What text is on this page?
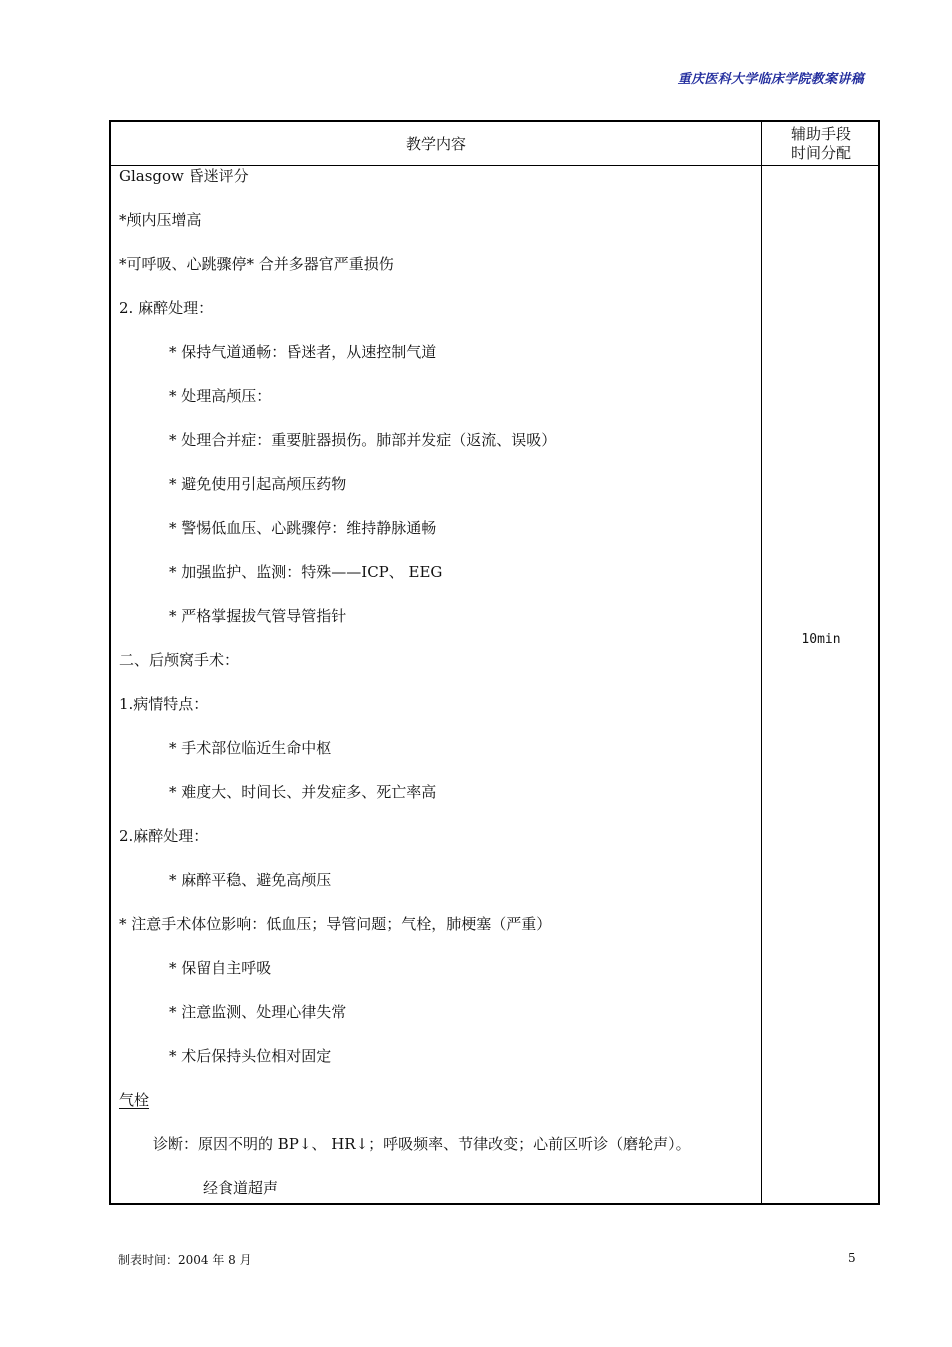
重庆医科大学临床学院教案讲稿
教学内容
辅助手段
时间分配
Glasgow 昏迷评分
*颅内压增高
*可呼吸、心跳骤停* 合并多器官严重损伤
2. 麻醉处理：
* 保持气道通畅：昏迷者，从速控制气道
* 处理高颅压：
* 处理合并症：重要脏器损伤。肺部并发症（返流、误吸）
* 避免使用引起高颅压药物
* 警惕低血压、心跳骤停：维持静脉通畅
* 加强监护、监测：特殊——ICP、 EEG
* 严格掌握拔气管导管指针
二、后颅窝手术：
1.病情特点：
* 手术部位临近生命中枢
* 难度大、时间长、并发症多、死亡率高
2.麻醉处理：
* 麻醉平稳、避免高颅压
* 注意手术体位影响：低血压；导管问题；气栓，肺梗塞（严重）
* 保留自主呼吸
* 注意监测、处理心律失常
* 术后保持头位相对固定
气栓
诊断：原因不明的 BP↓、 HR↓；呼吸频率、节律改变；心前区听诊（磨轮声）。
经食道超声
10min
制表时间：2004 年 8 月	5
